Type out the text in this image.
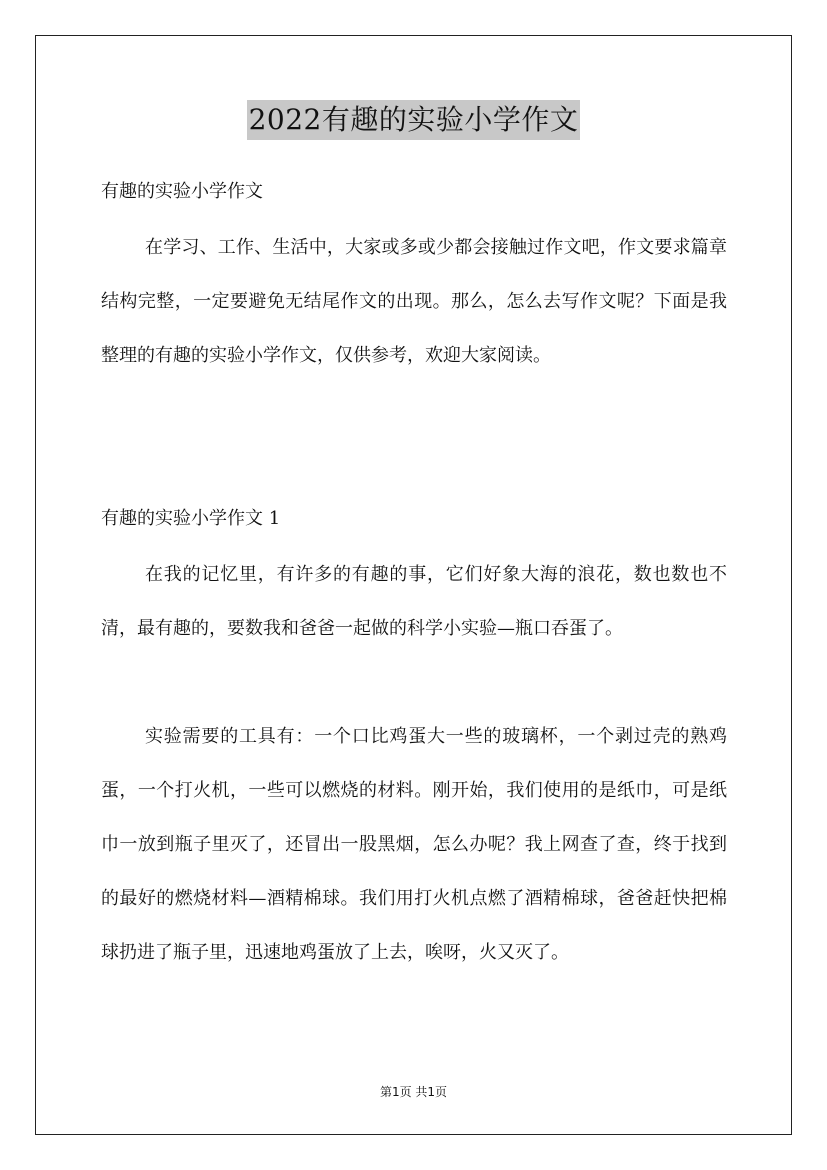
2022有趣的实验小学作文
有趣的实验小学作文

在学习、工作、生活中，大家或多或少都会接触过作文吧，作文要求篇章结构完整，一定要避免无结尾作文的出现。那么，怎么去写作文呢？下面是我整理的有趣的实验小学作文，仅供参考，欢迎大家阅读。

有趣的实验小学作文 1

在我的记忆里，有许多的有趣的事，它们好象大海的浪花，数也数也不清，最有趣的，要数我和爸爸一起做的科学小实验—瓶口吞蛋了。

实验需要的工具有：一个口比鸡蛋大一些的玻璃杯，一个剥过壳的熟鸡蛋，一个打火机，一些可以燃烧的材料。刚开始，我们使用的是纸巾，可是纸巾一放到瓶子里灭了，还冒出一股黑烟，怎么办呢？我上网查了查，终于找到的最好的燃烧材料—酒精棉球。我们用打火机点燃了酒精棉球，爸爸赶快把棉球扔进了瓶子里，迅速地鸡蛋放了上去，唉呀，火又灭了。

第1页 共1页
